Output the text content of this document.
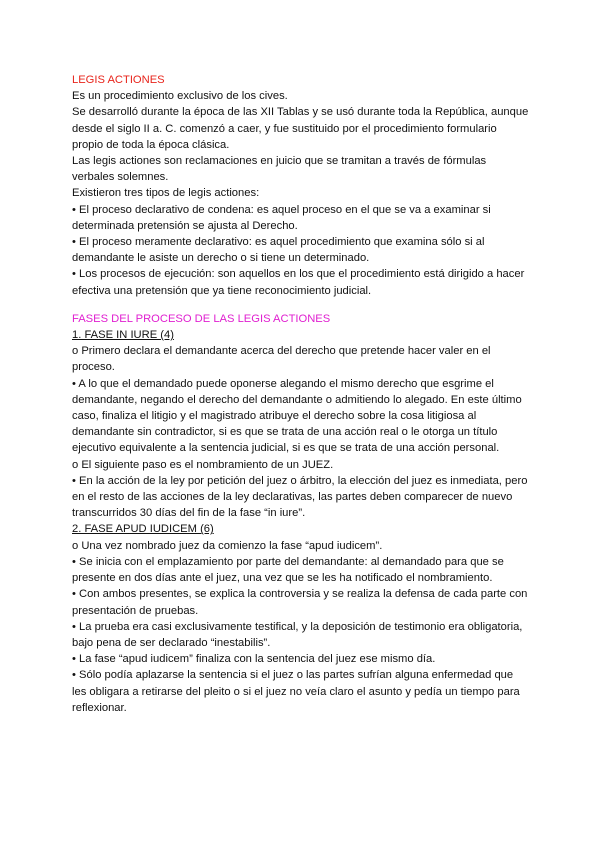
LEGIS ACTIONES
Es un procedimiento exclusivo de los cives.
Se desarrolló durante la época de las XII Tablas y se usó durante toda la República, aunque desde el siglo II a. C. comenzó a caer, y fue sustituido por el procedimiento formulario propio de toda la época clásica.
Las legis actiones son reclamaciones en juicio que se tramitan a través de fórmulas verbales solemnes.
Existieron tres tipos de legis actiones:
• El proceso declarativo de condena: es aquel proceso en el que se va a examinar si determinada pretensión se ajusta al Derecho.
• El proceso meramente declarativo: es aquel procedimiento que examina sólo si al demandante le asiste un derecho o si tiene un determinado.
• Los procesos de ejecución: son aquellos en los que el procedimiento está dirigido a hacer efectiva una pretensión que ya tiene reconocimiento judicial.
FASES DEL PROCESO DE LAS LEGIS ACTIONES
1. FASE IN IURE (4)
o Primero declara el demandante acerca del derecho que pretende hacer valer en el proceso.
• A lo que el demandado puede oponerse alegando el mismo derecho que esgrime el demandante, negando el derecho del demandante o admitiendo lo alegado. En este último caso, finaliza el litigio y el magistrado atribuye el derecho sobre la cosa litigiosa al demandante sin contradictor, si es que se trata de una acción real o le otorga un título ejecutivo equivalente a la sentencia judicial, si es que se trata de una acción personal.
o El siguiente paso es el nombramiento de un JUEZ.
• En la acción de la ley por petición del juez o árbitro, la elección del juez es inmediata, pero en el resto de las acciones de la ley declarativas, las partes deben comparecer de nuevo transcurridos 30 días del fin de la fase “in iure”.
2. FASE APUD IUDICEM (6)
o Una vez nombrado juez da comienzo la fase “apud iudicem”.
• Se inicia con el emplazamiento por parte del demandante: al demandado para que se presente en dos días ante el juez, una vez que se les ha notificado el nombramiento.
• Con ambos presentes, se explica la controversia y se realiza la defensa de cada parte con presentación de pruebas.
• La prueba era casi exclusivamente testifical, y la deposición de testimonio era obligatoria, bajo pena de ser declarado “inestabilis”.
• La fase “apud iudicem” finaliza con la sentencia del juez ese mismo día.
• Sólo podía aplazarse la sentencia si el juez o las partes sufrían alguna enfermedad que les obligara a retirarse del pleito o si el juez no veía claro el asunto y pedía un tiempo para reflexionar.
